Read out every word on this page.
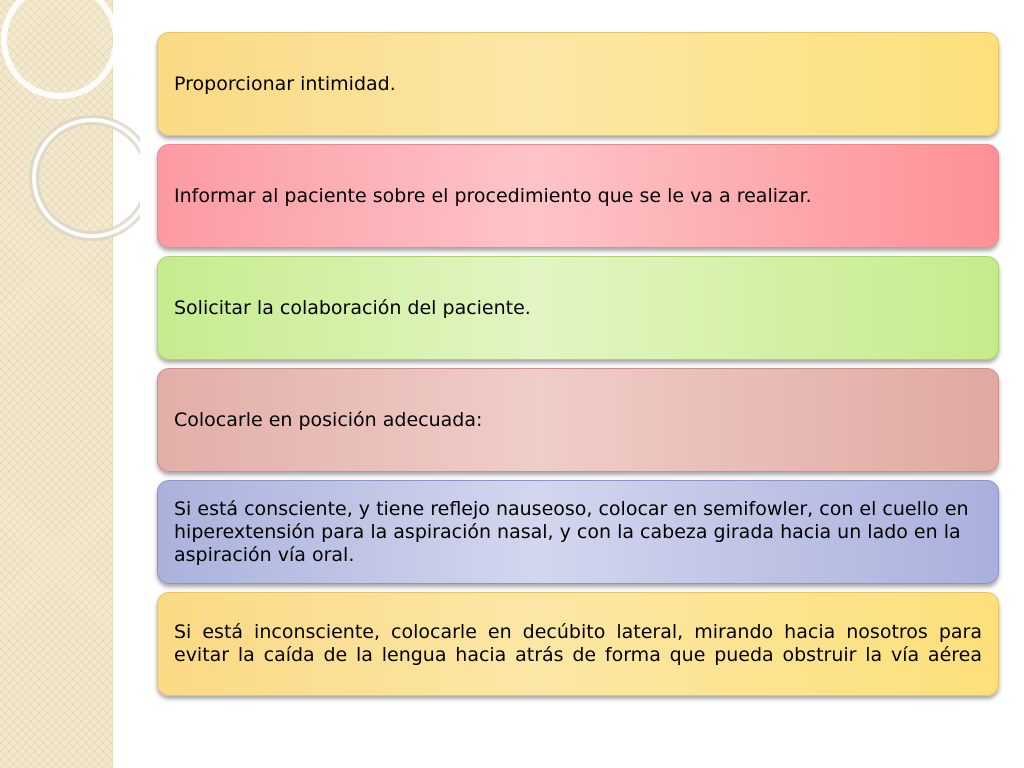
Proporcionar intimidad.
Informar al paciente sobre el procedimiento que se le va a realizar.
Solicitar la colaboración del paciente.
Colocarle en posición adecuada:
Si está consciente, y tiene reflejo nauseoso, colocar en semifowler, con el cuello en hiperextensión para la aspiración nasal, y con la cabeza girada hacia un lado en la aspiración vía oral.
Si está inconsciente, colocarle en decúbito lateral, mirando hacia nosotros para evitar la caída de la lengua hacia atrás de forma que pueda obstruir la vía aérea
